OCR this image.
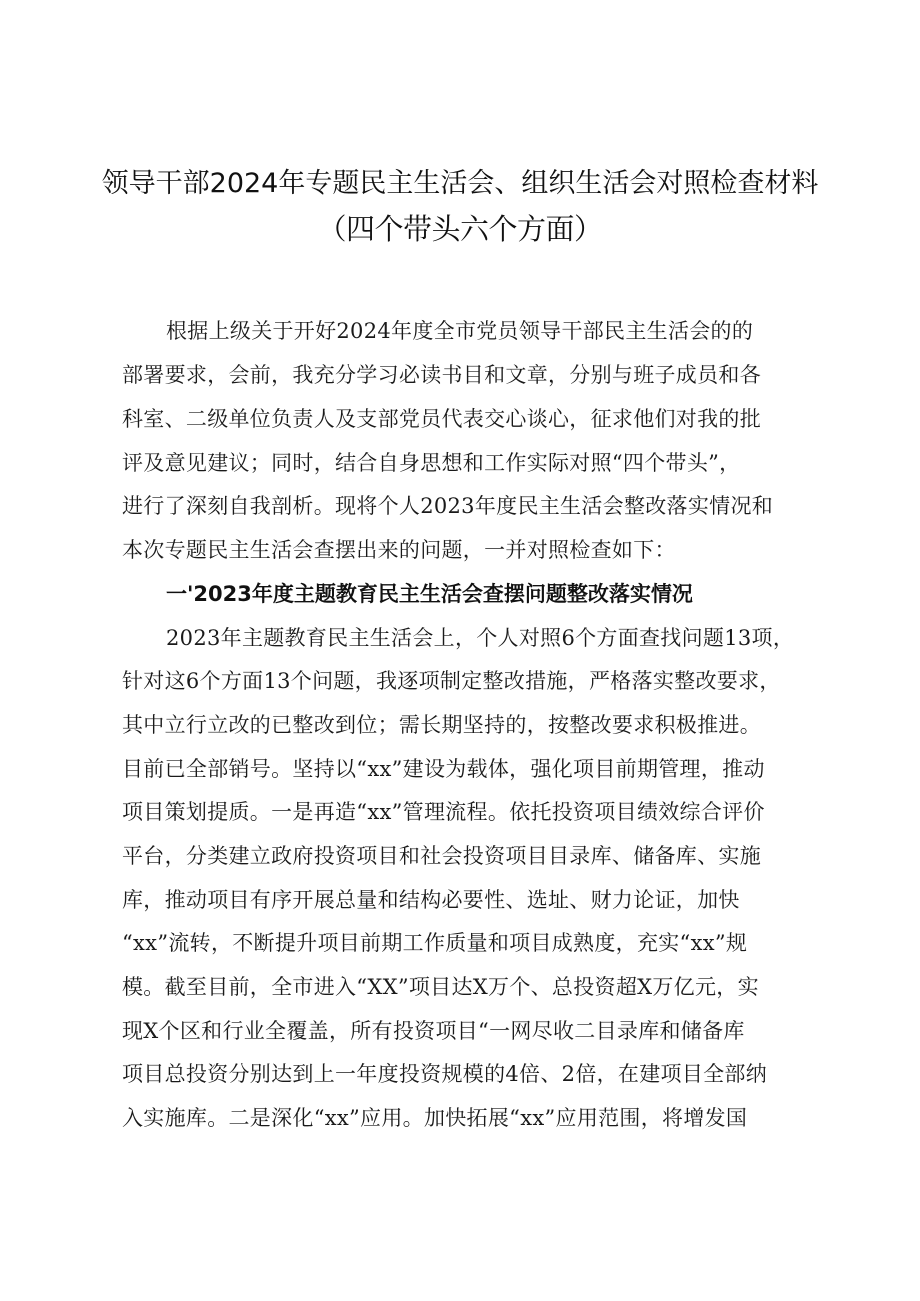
领导干部2024年专题民主生活会、组织生活会对照检查材料
（四个带头六个方面）
根据上级关于开好2024年度全市党员领导干部民主生活会的的
部署要求，会前，我充分学习必读书目和文章，分别与班子成员和各
科室、二级单位负责人及支部党员代表交心谈心，征求他们对我的批
评及意见建议；同时，结合自身思想和工作实际对照“四个带头”，
进行了深刻自我剖析。现将个人2023年度民主生活会整改落实情况和
本次专题民主生活会查摆出来的问题，一并对照检查如下：
一'2023年度主题教育民主生活会查摆问题整改落实情况
2023年主题教育民主生活会上，个人对照6个方面查找问题13项，
针对这6个方面13个问题，我逐项制定整改措施，严格落实整改要求，
其中立行立改的已整改到位；需长期坚持的，按整改要求积极推进。
目前已全部销号。坚持以“xx”建设为载体，强化项目前期管理，推动
项目策划提质。一是再造“xx”管理流程。依托投资项目绩效综合评价
平台，分类建立政府投资项目和社会投资项目目录库、储备库、实施
库，推动项目有序开展总量和结构必要性、选址、财力论证，加快
“xx”流转，不断提升项目前期工作质量和项目成熟度，充实“xx”规
模。截至目前，全市进入“XX”项目达X万个、总投资超X万亿元，实
现X个区和行业全覆盖，所有投资项目“一网尽收二目录库和储备库
项目总投资分别达到上一年度投资规模的4倍、2倍，在建项目全部纳
入实施库。二是深化“xx”应用。加快拓展“xx”应用范围，将增发国
